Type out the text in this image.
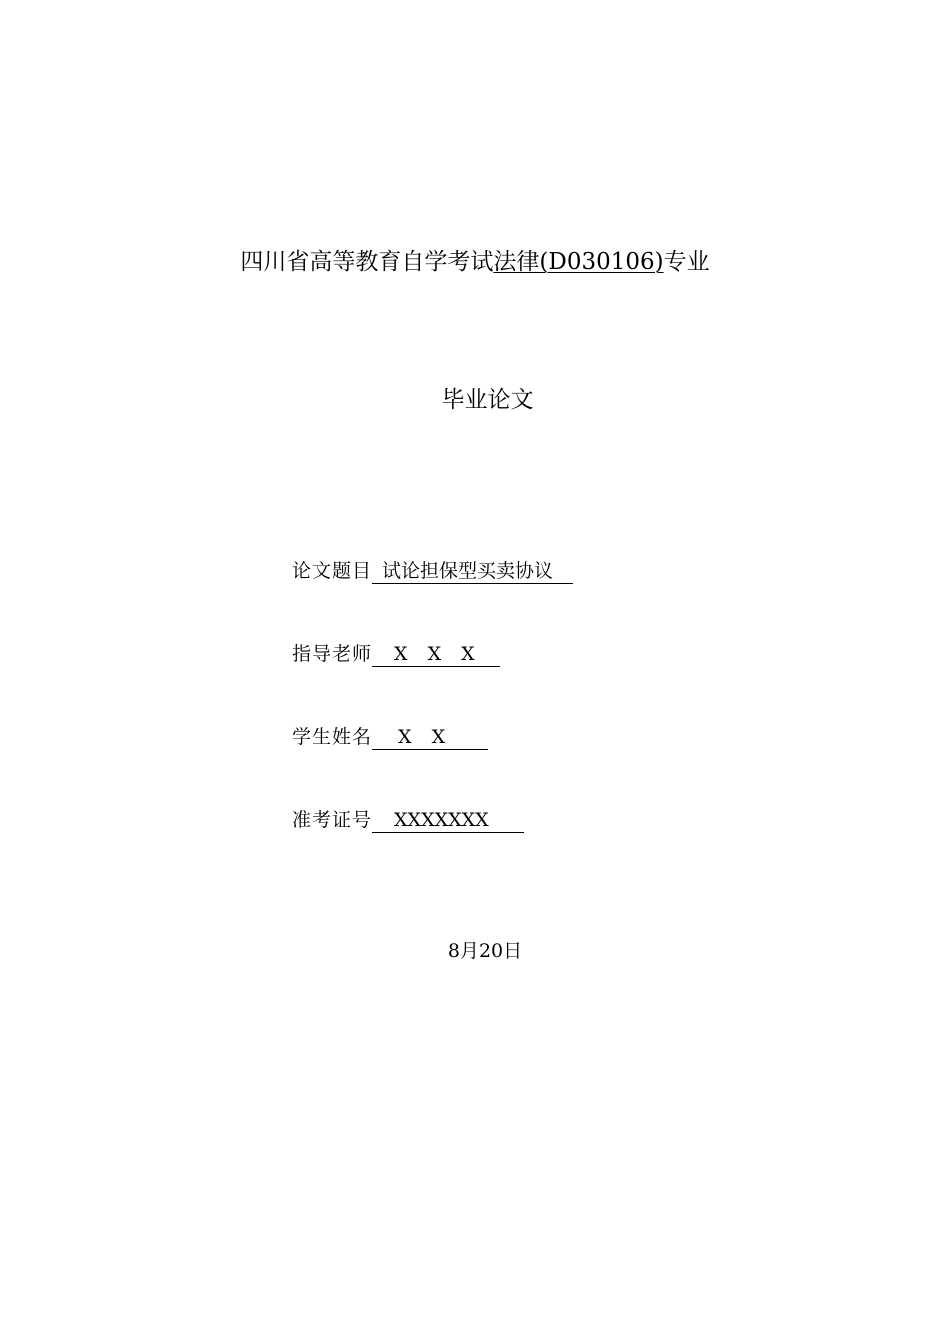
四川省高等教育自学考试法律(D030106)专业
毕业论文
论文题目 试论担保型买卖协议
指导老师 X X X
学生姓名 X X
准考证号 XXXXXXX
8月20日
